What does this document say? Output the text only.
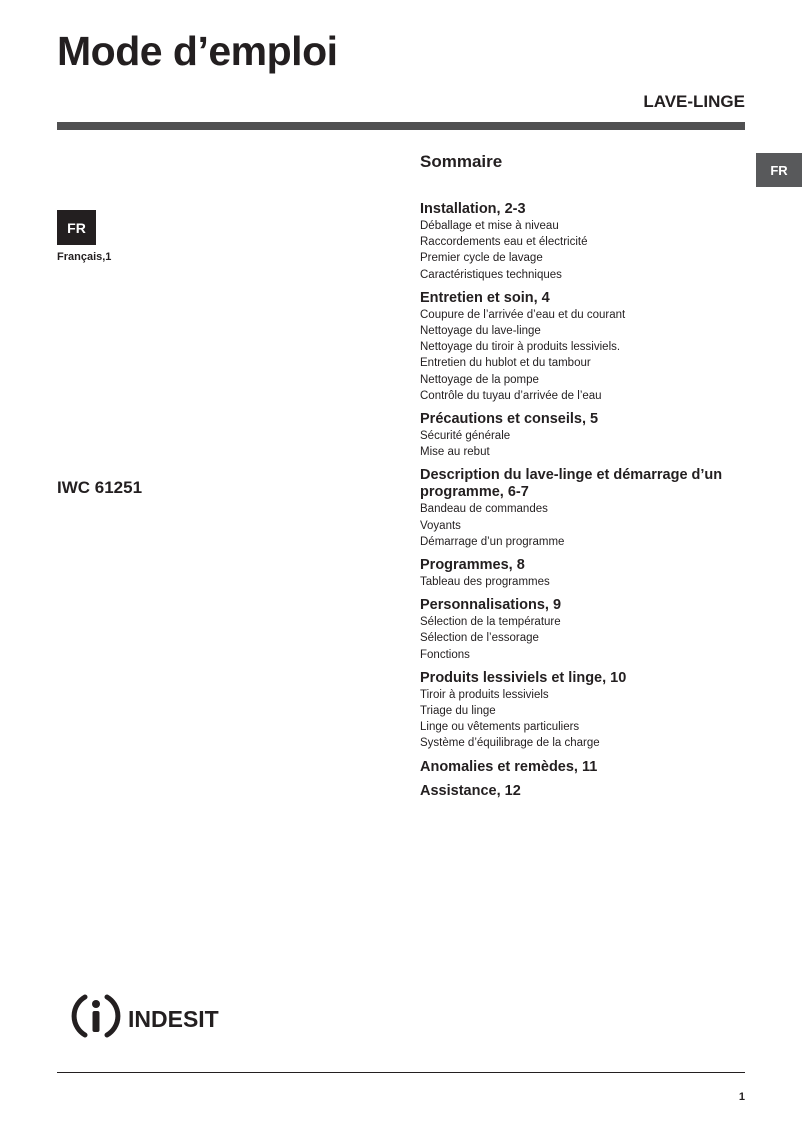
Mode d’emploi
LAVE-LINGE
FR
FR
Français,1
IWC 61251
Sommaire
Installation, 2-3
Déballage et mise à niveau
Raccordements eau et électricité
Premier cycle de lavage
Caractéristiques techniques
Entretien et soin, 4
Coupure de l’arrivée d’eau et du courant
Nettoyage du lave-linge
Nettoyage du tiroir à produits lessiviels.
Entretien du hublot et du tambour
Nettoyage de la pompe
Contrôle du tuyau d’arrivée de l’eau
Précautions et conseils, 5
Sécurité générale
Mise au rebut
Description du lave-linge et démarrage d’un programme, 6-7
Bandeau de commandes
Voyants
Démarrage d’un programme
Programmes, 8
Tableau des programmes
Personnalisations, 9
Sélection de la température
Sélection de l’essorage
Fonctions
Produits lessiviels et linge, 10
Tiroir à produits lessiviels
Triage du linge
Linge ou vêtements particuliers
Système d’équilibrage de la charge
Anomalies et remèdes, 11
Assistance, 12
indesit
1
